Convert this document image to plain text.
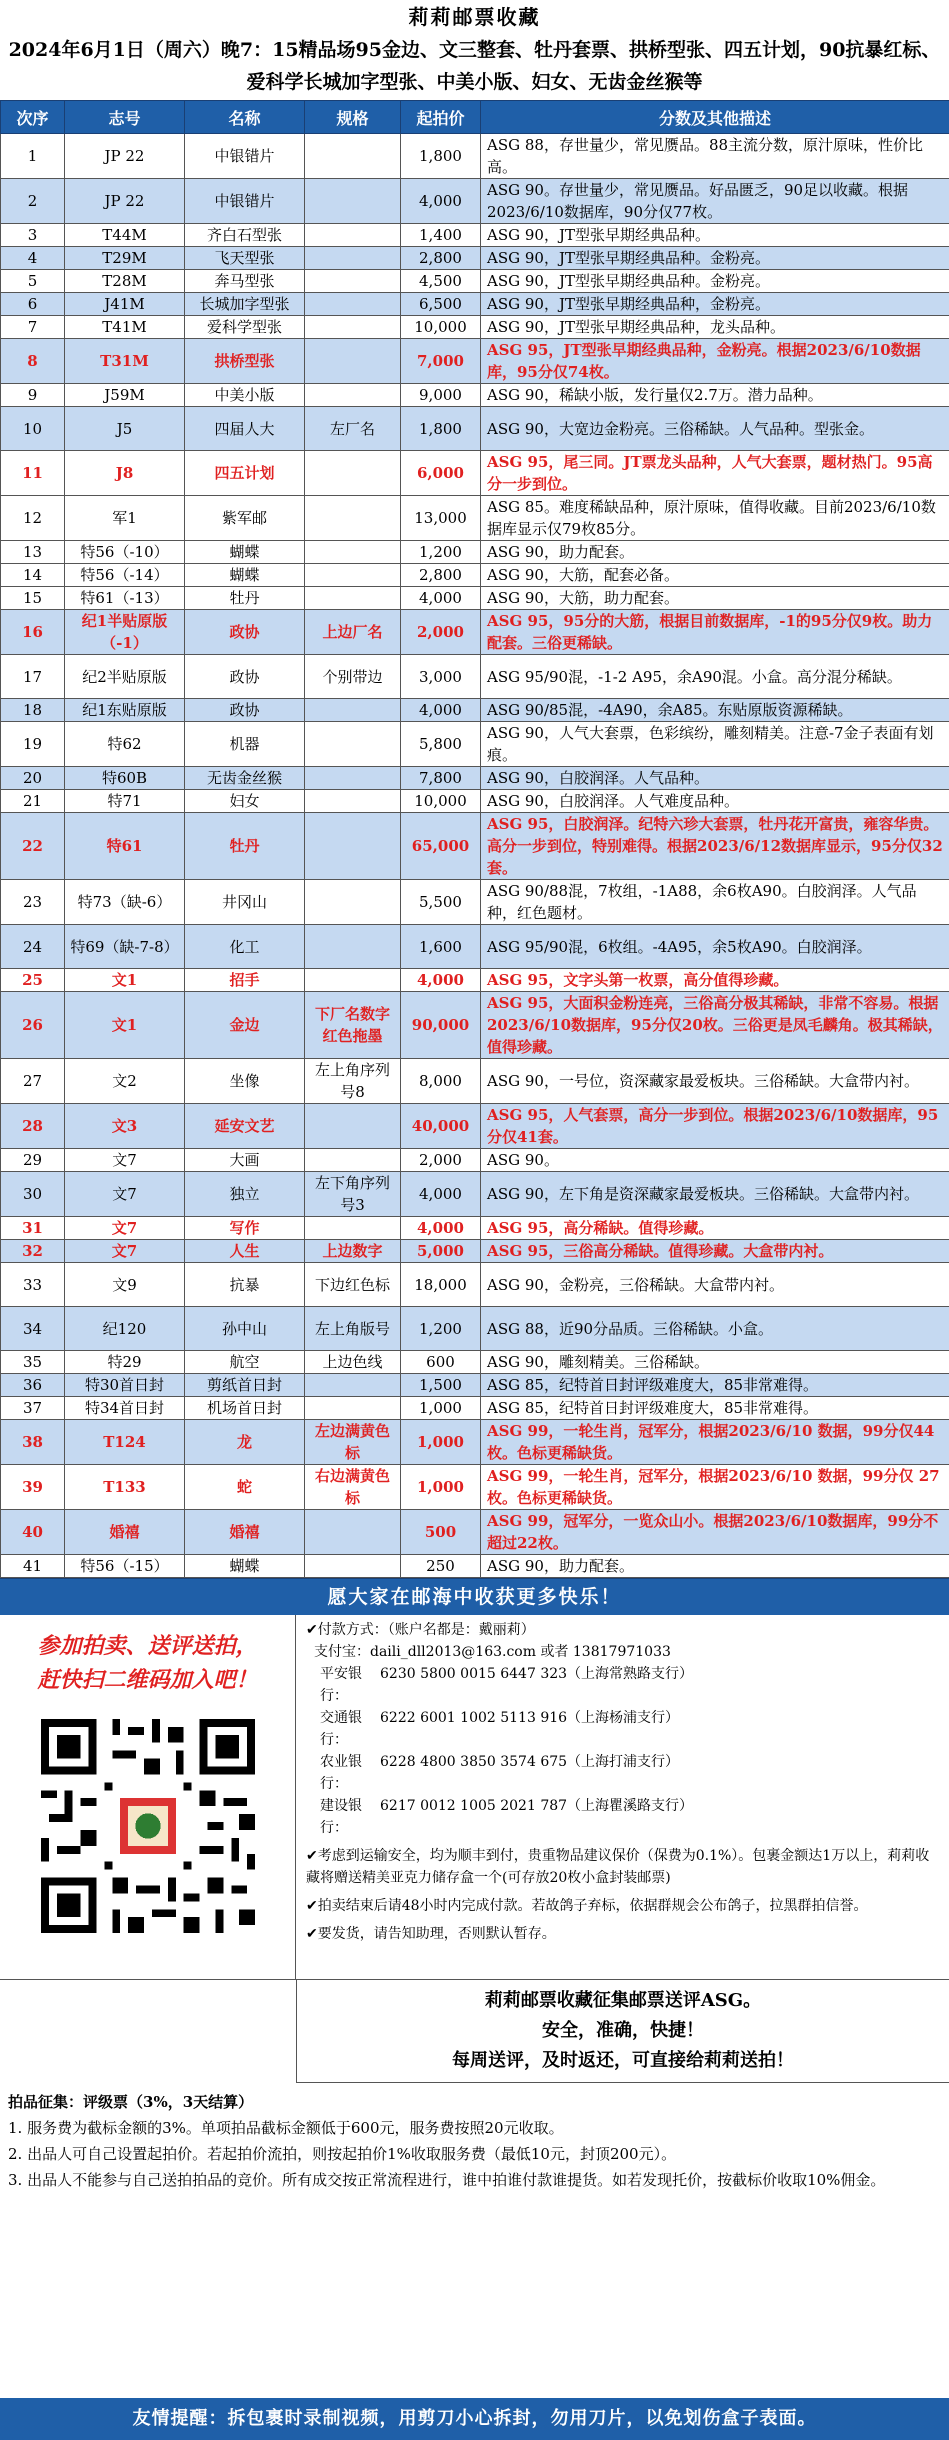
莉莉邮票收藏
2024年6月1日（周六）晚7：15精品场95金边、文三整套、牡丹套票、拱桥型张、四五计划，90抗暴红标、爱科学长城加字型张、中美小版、妇女、无齿金丝猴等
次序	志号	名称	规格	起拍价	分数及其他描述
1	JP 22	中银错片		1,800	ASG 88，存世量少，常见赝品。88主流分数，原汁原味，性价比高。
2	JP 22	中银错片		4,000	ASG 90。存世量少，常见赝品。好品匮乏，90足以收藏。根据2023/6/10数据库，90分仅77枚。
3	T44M	齐白石型张		1,400	ASG 90，JT型张早期经典品种。
4	T29M	飞天型张		2,800	ASG 90，JT型张早期经典品种。金粉亮。
5	T28M	奔马型张		4,500	ASG 90，JT型张早期经典品种。金粉亮。
6	J41M	长城加字型张		6,500	ASG 90，JT型张早期经典品种，金粉亮。
7	T41M	爱科学型张		10,000	ASG 90，JT型张早期经典品种，龙头品种。
8	T31M	拱桥型张		7,000	ASG 95，JT型张早期经典品种，金粉亮。根据2023/6/10数据库，95分仅74枚。
9	J59M	中美小版		9,000	ASG 90，稀缺小版，发行量仅2.7万。潜力品种。
10	J5	四届人大	左厂名	1,800	ASG 90，大宽边金粉亮。三俗稀缺。人气品种。型张金。
11	J8	四五计划		6,000	ASG 95，尾三同。JT票龙头品种，人气大套票，题材热门。95高分一步到位。
12	军1	紫军邮		13,000	ASG 85。难度稀缺品种，原汁原味，值得收藏。目前2023/6/10数据库显示仅79枚85分。
13	特56（-10）	蝴蝶		1,200	ASG 90，助力配套。
14	特56（-14）	蝴蝶		2,800	ASG 90，大筋，配套必备。
15	特61（-13）	牡丹		4,000	ASG 90，大筋，助力配套。
16	纪1半贴原版（-1）	政协	上边厂名	2,000	ASG 95，95分的大筋，根据目前数据库，-1的95分仅9枚。助力配套。三俗更稀缺。
17	纪2半贴原版	政协	个别带边	3,000	ASG 95/90混，-1-2 A95，余A90混。小盒。高分混分稀缺。
18	纪1东贴原版	政协		4,000	ASG 90/85混，-4A90，余A85。东贴原版资源稀缺。
19	特62	机器		5,800	ASG 90，人气大套票，色彩缤纷，雕刻精美。注意-7金子表面有划痕。
20	特60B	无齿金丝猴		7,800	ASG 90，白胶润泽。人气品种。
21	特71	妇女		10,000	ASG 90，白胶润泽。人气难度品种。
22	特61	牡丹		65,000	ASG 95，白胶润泽。纪特六珍大套票，牡丹花开富贵，雍容华贵。高分一步到位，特别难得。根据2023/6/12数据库显示，95分仅32套。
23	特73（缺-6）	井冈山		5,500	ASG 90/88混，7枚组，-1A88，余6枚A90。白胶润泽。人气品种，红色题材。
24	特69（缺-7-8）	化工		1,600	ASG 95/90混，6枚组。-4A95，余5枚A90。白胶润泽。
25	文1	招手		4,000	ASG 95，文字头第一枚票，高分值得珍藏。
26	文1	金边	下厂名数字红色拖墨	90,000	ASG 95，大面积金粉连亮，三俗高分极其稀缺，非常不容易。根据2023/6/10数据库，95分仅20枚。三俗更是凤毛麟角。极其稀缺，值得珍藏。
27	文2	坐像	左上角序列号8	8,000	ASG 90，一号位，资深藏家最爱板块。三俗稀缺。大盒带内衬。
28	文3	延安文艺		40,000	ASG 95，人气套票，高分一步到位。根据2023/6/10数据库，95分仅41套。
29	文7	大画		2,000	ASG 90。
30	文7	独立	左下角序列号3	4,000	ASG 90，左下角是资深藏家最爱板块。三俗稀缺。大盒带内衬。
31	文7	写作		4,000	ASG 95，高分稀缺。值得珍藏。
32	文7	人生	上边数字	5,000	ASG 95，三俗高分稀缺。值得珍藏。大盒带内衬。
33	文9	抗暴	下边红色标	18,000	ASG 90，金粉亮，三俗稀缺。大盒带内衬。
34	纪120	孙中山	左上角版号	1,200	ASG 88，近90分品质。三俗稀缺。小盒。
35	特29	航空	上边色线	600	ASG 90，雕刻精美。三俗稀缺。
36	特30首日封	剪纸首日封		1,500	ASG 85，纪特首日封评级难度大，85非常难得。
37	特34首日封	机场首日封		1,000	ASG 85，纪特首日封评级难度大，85非常难得。
38	T124	龙	左边满黄色标	1,000	ASG 99，一轮生肖，冠军分，根据2023/6/10 数据，99分仅44枚。色标更稀缺货。
39	T133	蛇	右边满黄色标	1,000	ASG 99，一轮生肖，冠军分，根据2023/6/10 数据，99分仅 27枚。色标更稀缺货。
40	婚禧	婚禧		500	ASG 99，冠军分，一览众山小。根据2023/6/10数据库，99分不超过22枚。
41	特56（-15）	蝴蝶		250	ASG 90，助力配套。
愿大家在邮海中收获更多快乐！
参加拍卖、送评送拍，
赶快扫二维码加入吧！
✔付款方式：（账户名都是：戴丽莉）
支付宝：daili_dll2013@163.com 或者 13817971033
平安银行：
6230 5800 0015 6447 323（上海常熟路支行）
交通银行：
6222 6001 1002 5113 916（上海杨浦支行）
农业银行：
6228 4800 3850 3574 675（上海打浦支行）
建设银行：
6217 0012 1005 2021 787（上海瞿溪路支行）
✔考虑到运输安全，均为顺丰到付，贵重物品建议保价（保费为0.1%）。包裹金额达1万以上，莉莉收藏将赠送精美亚克力储存盒一个(可存放20枚小盒封装邮票)
✔拍卖结束后请48小时内完成付款。若故鸽子弃标，依据群规会公布鸽子，拉黑群拍信誉。
✔要发货，请告知助理，否则默认暂存。
莉莉邮票收藏征集邮票送评ASG。
安全，准确，快捷！
每周送评，及时返还，可直接给莉莉送拍！
拍品征集：评级票（3%，3天结算）
1. 服务费为截标金额的3%。单项拍品截标金额低于600元，服务费按照20元收取。
2. 出品人可自己设置起拍价。若起拍价流拍，则按起拍价1%收取服务费（最低10元，封顶200元）。
3. 出品人不能参与自己送拍拍品的竞价。所有成交按正常流程进行，谁中拍谁付款谁提货。如若发现托价，按截标价收取10%佣金。
友情提醒：拆包裹时录制视频，用剪刀小心拆封，勿用刀片，以免划伤盒子表面。
